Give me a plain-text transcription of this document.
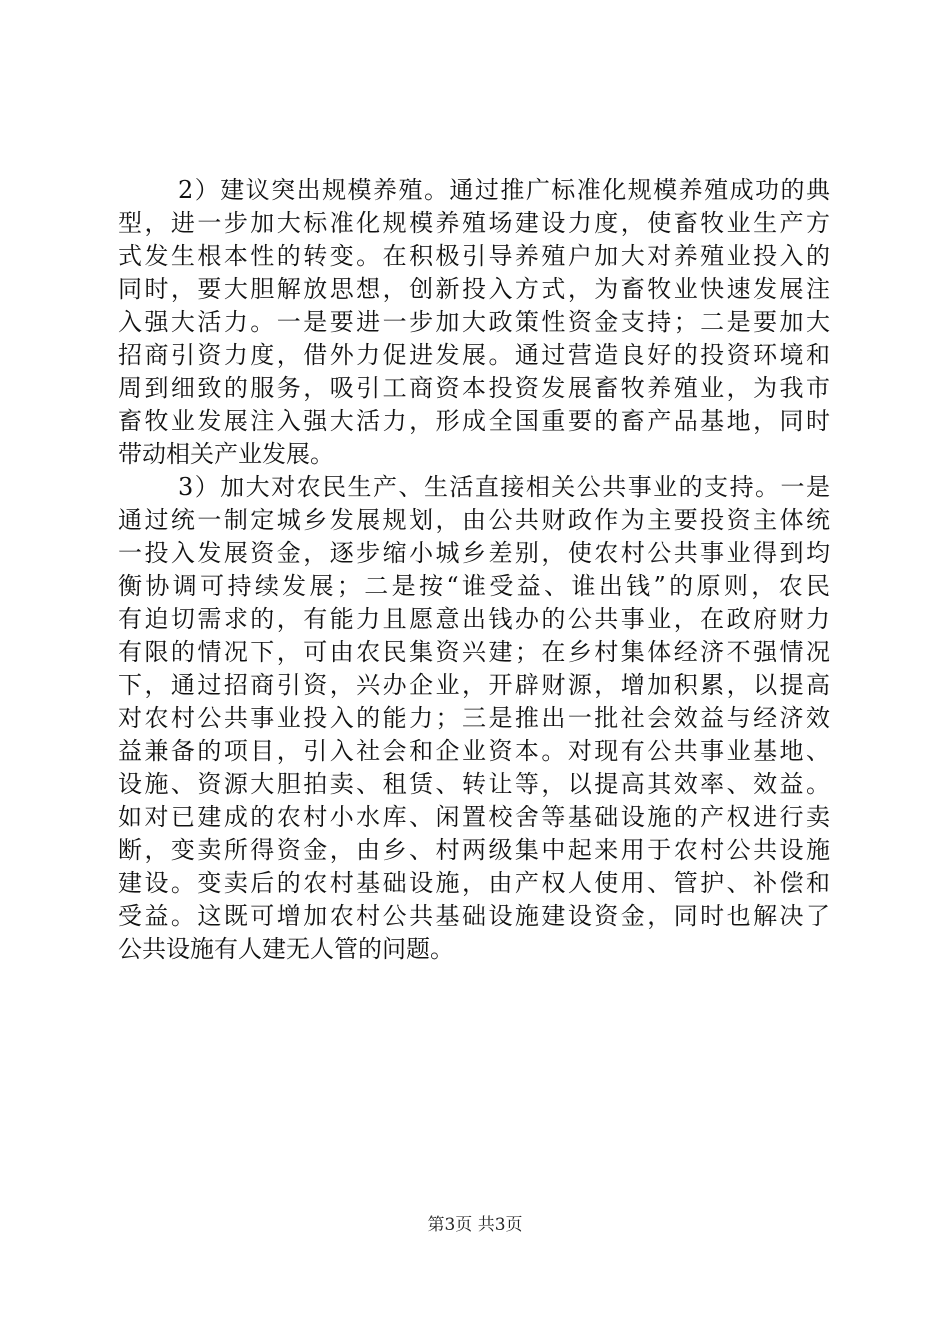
2）建议突出规模养殖。通过推广标准化规模养殖成功的典
型，进一步加大标准化规模养殖场建设力度，使畜牧业生产方
式发生根本性的转变。在积极引导养殖户加大对养殖业投入的
同时，要大胆解放思想，创新投入方式，为畜牧业快速发展注
入强大活力。一是要进一步加大政策性资金支持；二是要加大
招商引资力度，借外力促进发展。通过营造良好的投资环境和
周到细致的服务，吸引工商资本投资发展畜牧养殖业，为我市
畜牧业发展注入强大活力，形成全国重要的畜产品基地，同时
带动相关产业发展。
3）加大对农民生产、生活直接相关公共事业的支持。一是
通过统一制定城乡发展规划，由公共财政作为主要投资主体统
一投入发展资金，逐步缩小城乡差别，使农村公共事业得到均
衡协调可持续发展；二是按“谁受益、谁出钱”的原则，农民
有迫切需求的，有能力且愿意出钱办的公共事业，在政府财力
有限的情况下，可由农民集资兴建；在乡村集体经济不强情况
下，通过招商引资，兴办企业，开辟财源，增加积累，以提高
对农村公共事业投入的能力；三是推出一批社会效益与经济效
益兼备的项目，引入社会和企业资本。对现有公共事业基地、
设施、资源大胆拍卖、租赁、转让等，以提高其效率、效益。
如对已建成的农村小水库、闲置校舍等基础设施的产权进行卖
断，变卖所得资金，由乡、村两级集中起来用于农村公共设施
建设。变卖后的农村基础设施，由产权人使用、管护、补偿和
受益。这既可增加农村公共基础设施建设资金，同时也解决了
公共设施有人建无人管的问题。
第3页 共3页
